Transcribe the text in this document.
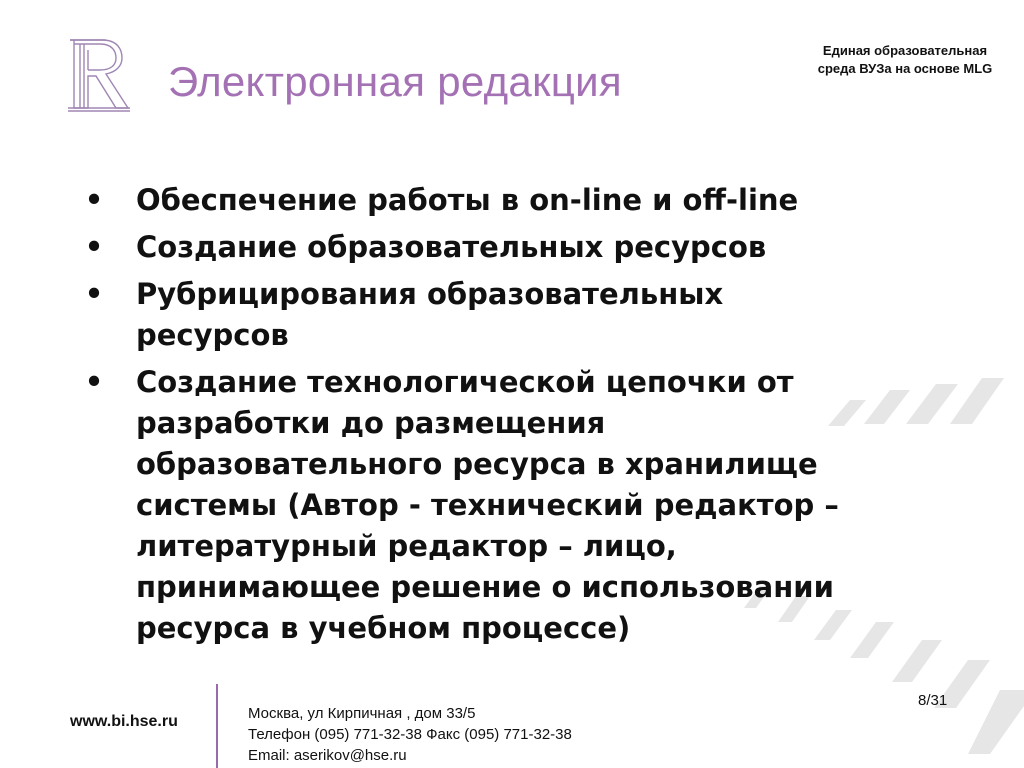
Электронная редакция
Единая образовательная
среда ВУЗа на основе MLG
• Обеспечение работы в on-line и off-line
• Создание образовательных ресурсов
• Рубрицирования образовательных ресурсов
• Создание технологической цепочки от разработки до размещения образовательного ресурса в хранилище системы (Автор - технический редактор – литературный редактор – лицо, принимающее решение о использовании ресурса в учебном процессе)
www.bi.hse.ru	Москва, ул Кирпичная , дом 33/5
Телефон (095) 771-32-38 Факс (095) 771-32-38
Email: aserikov@hse.ru
8/31
